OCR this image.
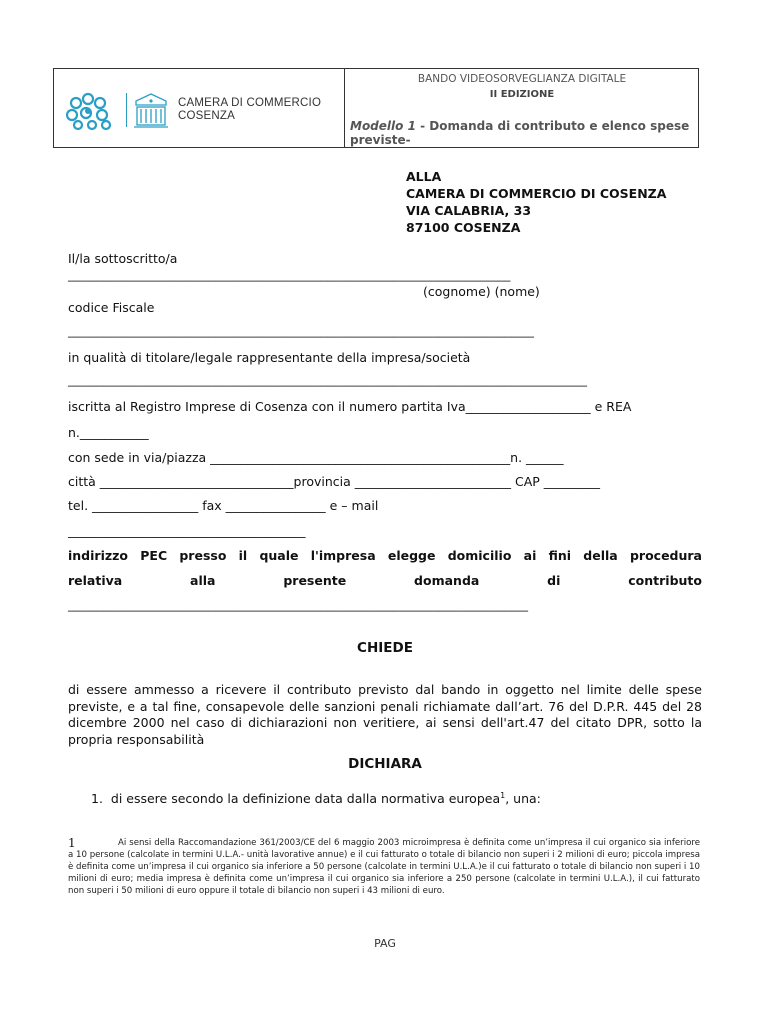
CAMERA DI COMMERCIO
COSENZA
BANDO VIDEOSORVEGLIANZA DIGITALE
II EDIZIONE
Modello 1 - Domanda di contributo e elenco spese previste-
ALLA
CAMERA DI COMMERCIO DI COSENZA
VIA CALABRIA, 33
87100 COSENZA
Il/la sottoscritto/a
___________________________________________________________________________
(cognome) (nome)
codice Fiscale
_______________________________________________________________________________
in qualità di titolare/legale rappresentante della impresa/società
________________________________________________________________________________________
iscritta al Registro Imprese di Cosenza con il numero partita Iva____________________ e REA
n.___________
con sede in via/piazza ________________________________________________n. ______
città _______________________________provincia _________________________ CAP _________
tel. _________________ fax ________________ e – mail
______________________________________
indirizzo PEC presso il quale l'impresa elegge domicilio ai fini della procedura
relativa alla presente domanda di contributo
______________________________________________________________________________
CHIEDE
di essere ammesso a ricevere il contributo previsto dal bando in oggetto nel limite delle spese previste, e a tal fine, consapevole delle sanzioni penali richiamate dall’art. 76 del D.P.R. 445 del 28 dicembre 2000 nel caso di dichiarazioni non veritiere, ai sensi dell'art.47 del citato DPR, sotto la propria responsabilità
DICHIARA
1. di essere secondo la definizione data dalla normativa europea$^1$, una:
1	Ai sensi della Raccomandazione 361/2003/CE del 6 maggio 2003 microimpresa è definita come un’impresa il cui organico sia inferiore a 10 persone (calcolate in termini U.L.A.- unità lavorative annue) e il cui fatturato o totale di bilancio non superi i 2 milioni di euro; piccola impresa è definita come un’impresa il cui organico sia inferiore a 50 persone (calcolate in termini U.L.A.)e il cui fatturato o totale di bilancio non superi i 10 milioni di euro; media impresa è definita come un’impresa il cui organico sia inferiore a 250 persone (calcolate in termini U.L.A.), il cui fatturato non superi i 50 milioni di euro oppure il totale di bilancio non superi i 43 milioni di euro.
PAG
